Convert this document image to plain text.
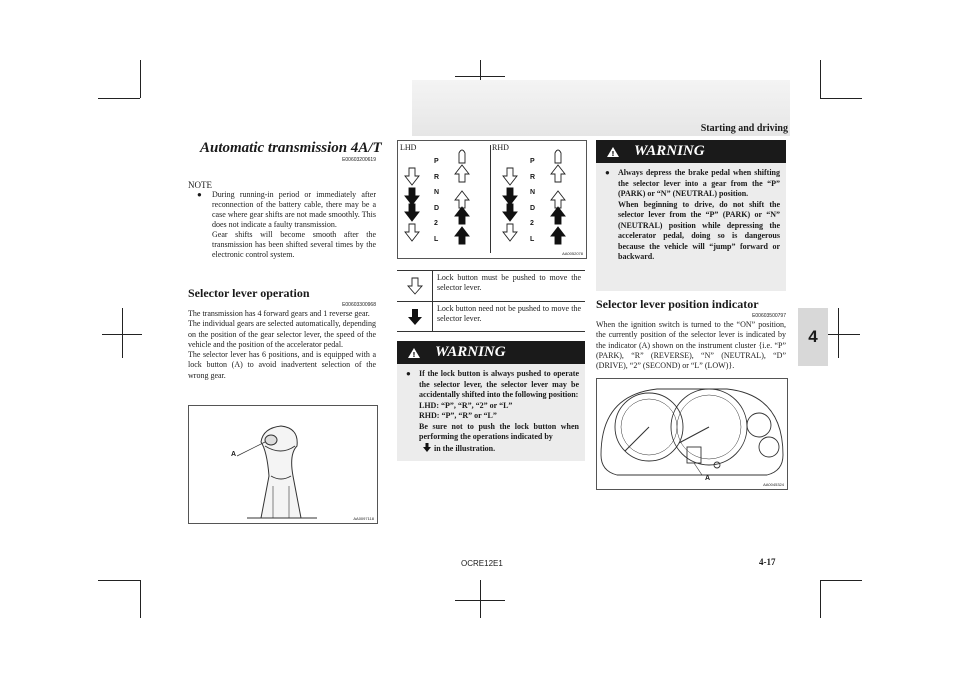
Starting and driving
4
Automatic transmission 4A/T
E00603200619
NOTE
● During running-in period or immediately after reconnection of the battery cable, there may be a case where gear shifts are not made smoothly. This does not indicate a faulty transmission.

Gear shifts will become smooth after the transmission has been shifted several times by the electronic control system.

Selector lever operation
E00603300968
The transmission has 4 forward gears and 1 reverse gear.
The individual gears are selected automatically, depending on the position of the gear selector lever, the speed of the vehicle and the position of the accelerator pedal.
The selector lever has 6 positions, and is equipped with a lock button (A) to avoid inadvertent selection of the wrong gear.
A
AA0097118
LHD	RHD
P
R
N
D
2
L
P
R
N
D
2
L
AA0052078
Lock button must be pushed to move the selector lever.
Lock button need not be pushed to move the selector lever.
! WARNING
● If the lock button is always pushed to operate the selector lever, the selector lever may be accidentally shifted into the following position:
LHD: “P”, “R”, “2” or “L”
RHD: “P”, “R” or “L”
Be sure not to push the lock button when performing the operations indicated by
in the illustration.
! WARNING
● Always depress the brake pedal when shifting the selector lever into a gear from the “P” (PARK) or “N” (NEUTRAL) position.
When beginning to drive, do not shift the selector lever from the “P” (PARK) or “N” (NEUTRAL) position while depressing the accelerator pedal, doing so is dangerous because the vehicle will “jump” forward or backward.
Selector lever position indicator
E00603500797
When the ignition switch is turned to the “ON” position, the currently position of the selector lever is indicated by the indicator (A) shown on the instrument cluster {i.e. “P” (PARK), “R” (REVERSE), “N” (NEUTRAL), “D” (DRIVE), “2” (SECOND) or “L” (LOW)}.
A
AA0045324
OCRE12E1	4-17
